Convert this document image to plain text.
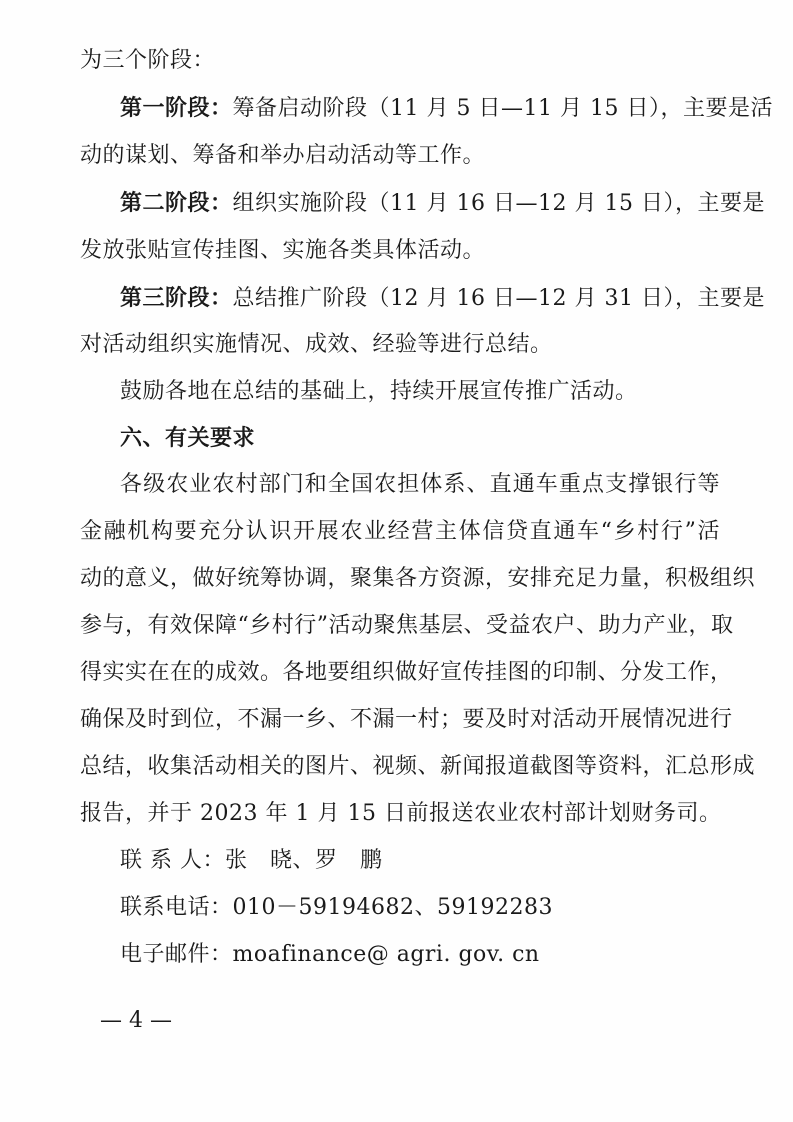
为三个阶段：
第一阶段：筹备启动阶段（11 月 5 日—11 月 15 日），主要是活
动的谋划、筹备和举办启动活动等工作。
第二阶段：组织实施阶段（11 月 16 日—12 月 15 日），主要是
发放张贴宣传挂图、实施各类具体活动。
第三阶段：总结推广阶段（12 月 16 日—12 月 31 日），主要是
对活动组织实施情况、成效、经验等进行总结。
鼓励各地在总结的基础上，持续开展宣传推广活动。
六、有关要求
各级农业农村部门和全国农担体系、直通车重点支撑银行等
金融机构要充分认识开展农业经营主体信贷直通车“乡村行”活
动的意义，做好统筹协调，聚集各方资源，安排充足力量，积极组织
参与，有效保障“乡村行”活动聚焦基层、受益农户、助力产业，取
得实实在在的成效。各地要组织做好宣传挂图的印制、分发工作，
确保及时到位，不漏一乡、不漏一村；要及时对活动开展情况进行
总结，收集活动相关的图片、视频、新闻报道截图等资料，汇总形成
报告，并于 2023 年 1 月 15 日前报送农业农村部计划财务司。
联 系 人：张　晓、罗　鹏
联系电话：010－59194682、59192283
电子邮件：moafinance@ agri. gov. cn
— 4 —
